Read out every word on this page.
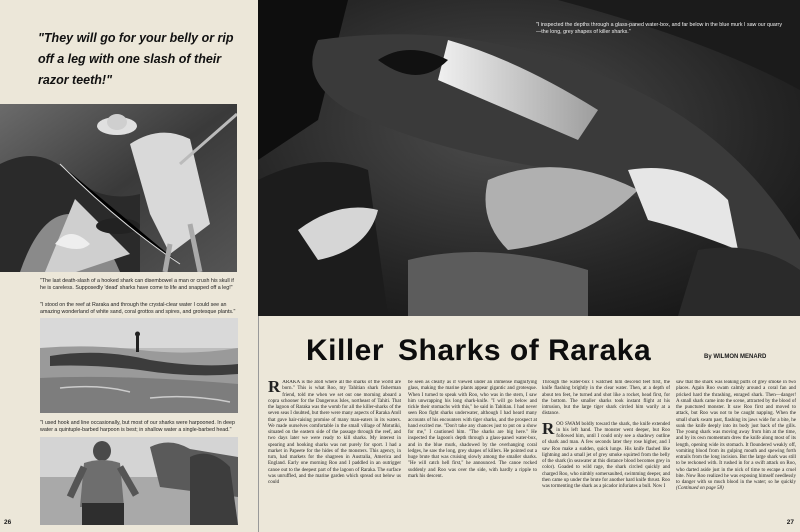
"They will go for your belly or rip off a leg with one slash of their razor teeth!"
"The last death-slash of a hooked shark can disembowel a man or crush his skull if he is careless. Supposedly 'dead' sharks have come to life and snapped off a leg!"
"I stood on the reef at Raraka and through the crystal-clear water I could see an amazing wonderland of white sand, coral grottos and spires, and grotesque plants."
"I used hook and line occasionally, but most of our sharks were harpooned. In deep water a quintuple-barbed harpoon is best; in shallow water a single-barbed head."
26
"I inspected the depths through a glass-paned water-box, and far below in the blue murk I saw our quarry—the long, grey shapes of killer sharks."
27
Killer Sharks of Raraka	By WILMON MENARD
RARAKA is the atoll where all the sharks of the world are born." This is what Roo, my Tahitian shark fisherman friend, told me when we set out one morning aboard a copra schooner for the Dangerous Isles, northeast of Tahiti. That the lagoon of Raraka was the womb for all the killer-sharks of the seven seas I doubted, but there were many aspects of Raraka Atoll that gave hair-raising promise of many man-eaters in its waters. We made ourselves comfortable in the small village of Motutiki, situated on the eastern side of the passage through the reef, and two days later we were ready to kill sharks. My interest in spearing and hooking sharks was not purely for sport. I had a market in Papeete for the hides of the monsters. This agency, in turn, had markets for the shagreen in Australia, America and England. Early one morning Roo and I paddled in an outrigger canoe out to the deepest part of the lagoon of Raraka. The surface was unruffled, and the marine garden which spread out below us could
be seen as clearly as if viewed under an immense magnifying glass, making the marine plants appear gigantic and grotesque. When I turned to speak with Roo, who was in the stern, I saw him unwrapping his long shark-knife. "I will go below and tickle their stomachs with this," he said in Tahitian. I had never seen Roo fight sharks underwater, although I had heard many accounts of his encounters with tiger sharks, and the prospect at hand excited me. "Don't take any chances just to put on a show for me," I cautioned him. "The sharks are big here." He inspected the lagoon's depth through a glass-paned water-box, and in the blue murk, shadowed by the overhanging coral ledges, he saw the long, grey shapes of killers. He pointed out a huge brute that was cruising slowly among the smaller sharks. "He will catch hell first," he announced. The canoe rocked suddenly and Roo was over the side, with hardly a ripple to mark his descent.
Through the water-box I watched him descend feet first, the knife flashing brightly in the clear water. Then, at a depth of about ten feet, he turned and shot like a rocket, head first, for the bottom. The smaller sharks took instant flight at his intrusion, but the large tiger shark circled him warily at a distance.
R OO SWAM boldly toward the shark, the knife extended in his left hand. The monster went deeper, but Roo followed him, until I could only see a shadowy outline of shark and man. A few seconds later they rose higher, and I saw Roo make a sudden, quick lunge. His knife flashed like lightning and a small jet of grey smoke squirted from the belly of the shark (in seawater at this distance blood becomes grey in color). Goaded to wild rage, the shark circled quickly and charged Roo, who nimbly somersaulted, swimming deeper, and then came up under the brute for another hard knife thrust. Roo was tormenting the shark as a picador infuriates a bull. Now I
saw that the shark was leaking puffs of grey smoke in two places. Again Roo swam calmly around a coral fan and pricked hard the thrashing, enraged shark. Then—danger! A small shark came into the scene, attracted by the blood of the punctured monster. It saw Roo first and moved to attack, but Roo was not to be caught napping. When the small shark swam past, flashing its jaws wide for a bite, he sunk the knife deeply into its body just back of the gills. The young shark was moving away from him at the time, and by its own momentum drew the knife along most of its length, opening wide its stomach. It floundered weakly off, vomiting blood from its gulping mouth and spewing forth entrails from the long incision. But the large shark was still to be reckoned with. It rushed in for a swift attack on Roo, who darted aside just in the nick of time to escape a cruel bite. Now Roo realized he was exposing himself needlessly to danger with so much blood in the water; so he quickly (Continued on page 58)
